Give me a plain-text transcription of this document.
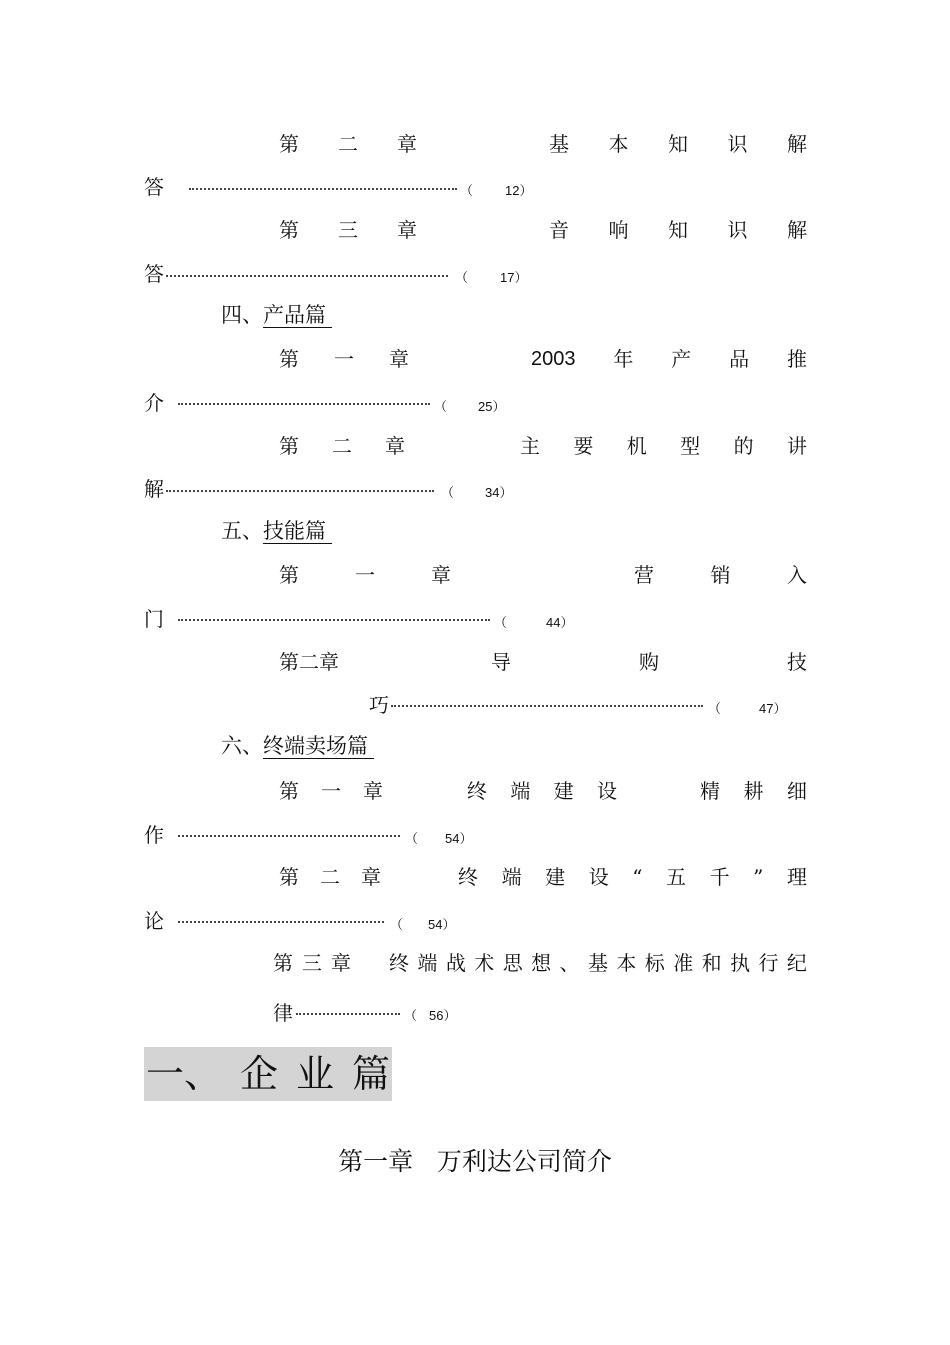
第 二 章	基 本 知 识 解
答	（ 12）
第 三 章	音 响 知 识 解
答	（ 17）
四、产品篇
第 一 章	2003 年 产 品 推
介	（ 25）
第 二 章	主 要 机 型 的 讲
解	（ 34）
五、技能篇
第	一	章	营	销	入
门	（	44）
第二章	导	购	技
巧	（	47）
六、终端卖场篇
第 一 章	终 端 建 设	精 耕 细
作	（ 54）
第 二 章	终 端 建 设 “ 五 千 ” 理
论	（ 54）
第 三 章 终 端 战 术 思 想 、 基 本 标 准 和 执 行 纪
律	（ 56）
一、 企 业 篇
第一章   万利达公司简介
